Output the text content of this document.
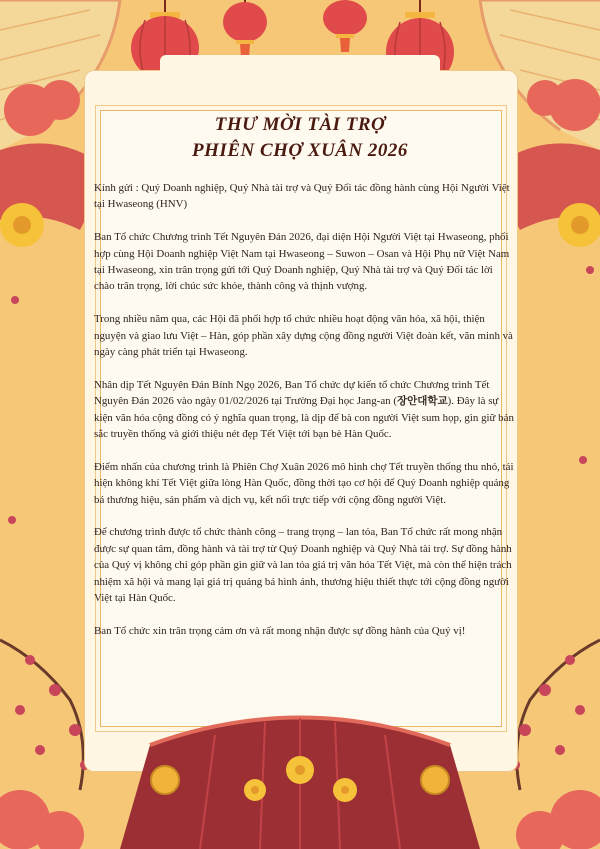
THƯ MỜI TÀI TRỢ
PHIÊN CHỢ XUÂN 2026

Kính gửi : Quý Doanh nghiệp, Quý Nhà tài trợ và Quý Đối tác đồng hành cùng Hội Người Việt tại Hwaseong (HNV)

Ban Tổ chức Chương trình Tết Nguyên Đán 2026, đại diện Hội Người Việt tại Hwaseong, phối hợp cùng Hội Doanh nghiệp Việt Nam tại Hwaseong – Suwon – Osan và Hội Phụ nữ Việt Nam tại Hwaseong, xin trân trọng gửi tới Quý Doanh nghiệp, Quý Nhà tài trợ và Quý Đối tác lời chào trân trọng, lời chúc sức khỏe, thành công và thịnh vượng.

Trong nhiều năm qua, các Hội đã phối hợp tổ chức nhiều hoạt động văn hóa, xã hội, thiện nguyện và giao lưu Việt – Hàn, góp phần xây dựng cộng đồng người Việt đoàn kết, văn minh và ngày càng phát triển tại Hwaseong.

Nhân dịp Tết Nguyên Đán Bính Ngọ 2026, Ban Tổ chức dự kiến tổ chức Chương trình Tết Nguyên Đán 2026 vào ngày 01/02/2026 tại Trường Đại học Jang-an (장안대학교). Đây là sự kiện văn hóa cộng đồng có ý nghĩa quan trọng, là dịp để bà con người Việt sum họp, gìn giữ bản sắc truyền thống và giới thiệu nét đẹp Tết Việt tới bạn bè Hàn Quốc.

Điểm nhấn của chương trình là Phiên Chợ Xuân 2026 mô hình chợ Tết truyền thống thu nhỏ, tái hiện không khí Tết Việt giữa lòng Hàn Quốc, đồng thời tạo cơ hội để Quý Doanh nghiệp quảng bá thương hiệu, sản phẩm và dịch vụ, kết nối trực tiếp với cộng đồng người Việt.

Để chương trình được tổ chức thành công – trang trọng – lan tỏa, Ban Tổ chức rất mong nhận được sự quan tâm, đồng hành và tài trợ từ Quý Doanh nghiệp và Quý Nhà tài trợ. Sự đồng hành của Quý vị không chỉ góp phần gìn giữ và lan tỏa giá trị văn hóa Tết Việt, mà còn thể hiện trách nhiệm xã hội và mang lại giá trị quảng bá hình ảnh, thương hiệu thiết thực tới cộng đồng người Việt tại Hàn Quốc.

Ban Tổ chức xin trân trọng cảm ơn và rất mong nhận được sự đồng hành của Quý vị!
